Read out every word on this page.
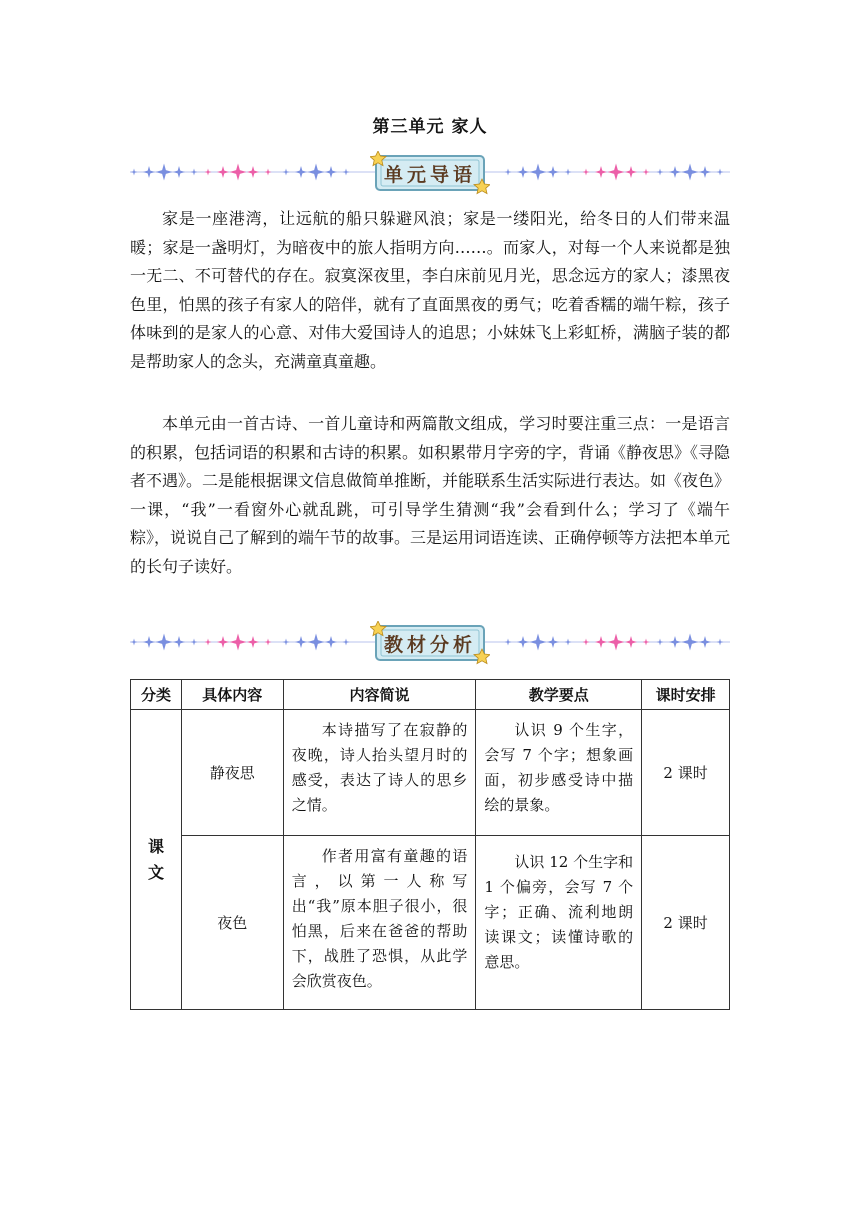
第三单元 家人
单元导语

家是一座港湾，让远航的船只躲避风浪；家是一缕阳光，给冬日的人们带来温暖；家是一盏明灯，为暗夜中的旅人指明方向……。而家人，对每一个人来说都是独一无二、不可替代的存在。寂寞深夜里，李白床前见月光，思念远方的家人；漆黑夜色里，怕黑的孩子有家人的陪伴，就有了直面黑夜的勇气；吃着香糯的端午粽，孩子体味到的是家人的心意、对伟大爱国诗人的追思；小妹妹飞上彩虹桥，满脑子装的都是帮助家人的念头，充满童真童趣。

本单元由一首古诗、一首儿童诗和两篇散文组成，学习时要注重三点：一是语言的积累，包括词语的积累和古诗的积累。如积累带月字旁的字，背诵《静夜思》《寻隐者不遇》。二是能根据课文信息做简单推断，并能联系生活实际进行表达。如《夜色》一课，“我”一看窗外心就乱跳，可引导学生猜测“我”会看到什么；学习了《端午粽》，说说自己了解到的端午节的故事。三是运用词语连读、正确停顿等方法把本单元的长句子读好。

教材分析
分类	具体内容	内容简说	教学要点	课时安排
课文	静夜思	本诗描写了在寂静的夜晚，诗人抬头望月时的感受，表达了诗人的思乡之情。	认识 9 个生字，会写 7 个字；想象画面，初步感受诗中描绘的景象。	2 课时
	夜色	作者用富有童趣的语言，以第一人称写出“我”原本胆子很小，很怕黑，后来在爸爸的帮助下，战胜了恐惧，从此学会欣赏夜色。	认识 12 个生字和 1 个偏旁，会写 7 个字；正确、流利地朗读课文；读懂诗歌的意思。	2 课时
